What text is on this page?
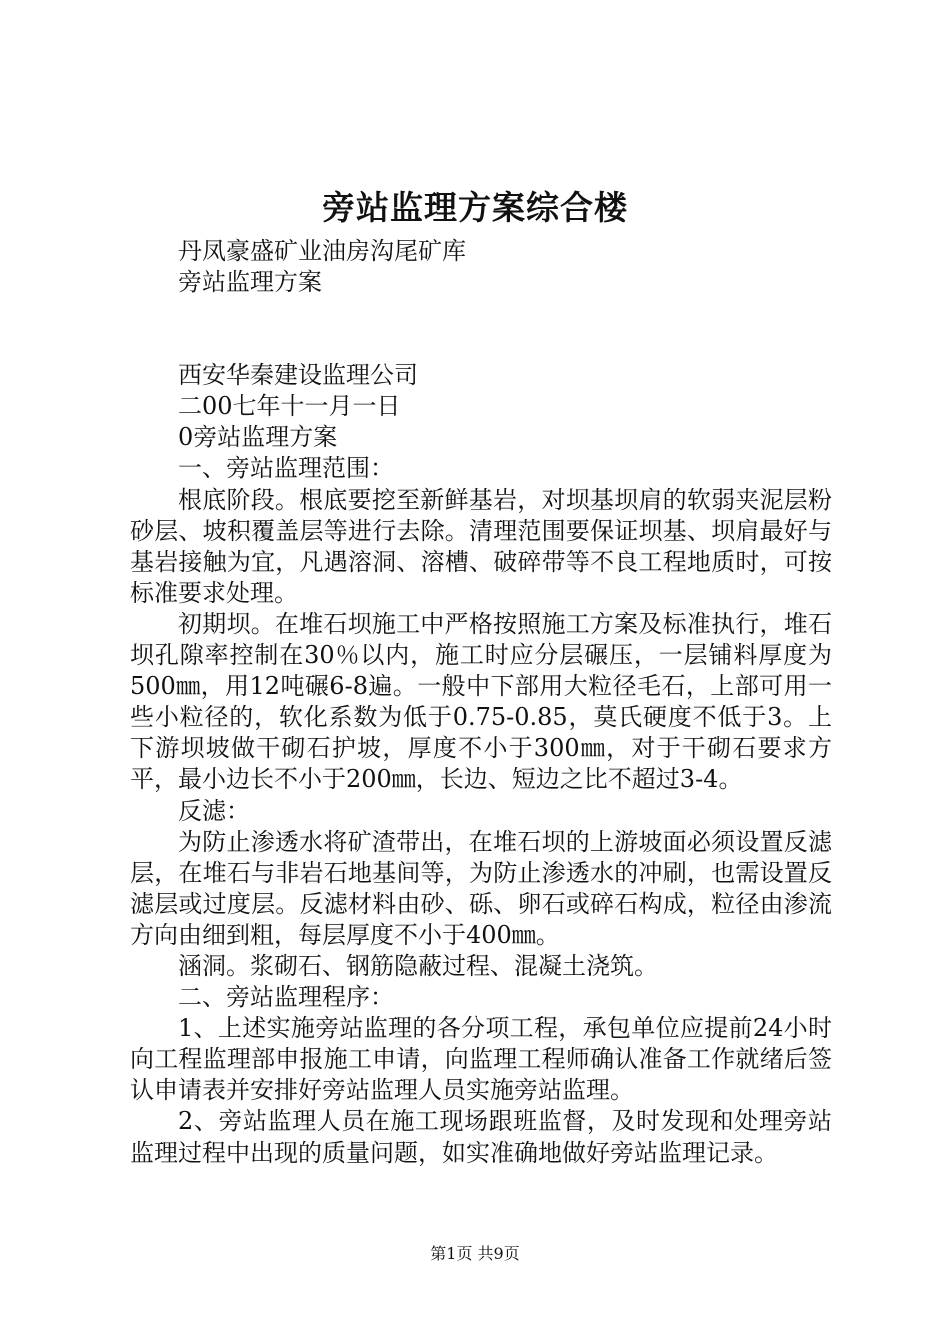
旁站监理方案综合楼
丹凤豪盛矿业油房沟尾矿库
旁站监理方案
西安华秦建设监理公司
二00七年十一月一日
0旁站监理方案
一、旁站监理范围：

根底阶段。根底要挖至新鲜基岩，对坝基坝肩的软弱夹泥层粉砂层、坡积覆盖层等进行去除。清理范围要保证坝基、坝肩最好与基岩接触为宜，凡遇溶洞、溶槽、破碎带等不良工程地质时，可按标准要求处理。

初期坝。在堆石坝施工中严格按照施工方案及标准执行，堆石坝孔隙率控制在30％以内，施工时应分层碾压，一层铺料厚度为500㎜，用12吨碾6-8遍。一般中下部用大粒径毛石，上部可用一些小粒径的，软化系数为低于0.75-0.85，莫氏硬度不低于3。上下游坝坡做干砌石护坡，厚度不小于300㎜，对于干砌石要求方平，最小边长不小于200㎜，长边、短边之比不超过3-4。

反滤：

为防止渗透水将矿渣带出，在堆石坝的上游坡面必须设置反滤层，在堆石与非岩石地基间等，为防止渗透水的冲刷，也需设置反滤层或过度层。反滤材料由砂、砾、卵石或碎石构成，粒径由渗流方向由细到粗，每层厚度不小于400㎜。

涵洞。浆砌石、钢筋隐蔽过程、混凝土浇筑。

二、旁站监理程序：

1、上述实施旁站监理的各分项工程，承包单位应提前24小时向工程监理部申报施工申请，向监理工程师确认准备工作就绪后签认申请表并安排好旁站监理人员实施旁站监理。

2、旁站监理人员在施工现场跟班监督，及时发现和处理旁站监理过程中出现的质量问题，如实准确地做好旁站监理记录。

第1页 共9页
